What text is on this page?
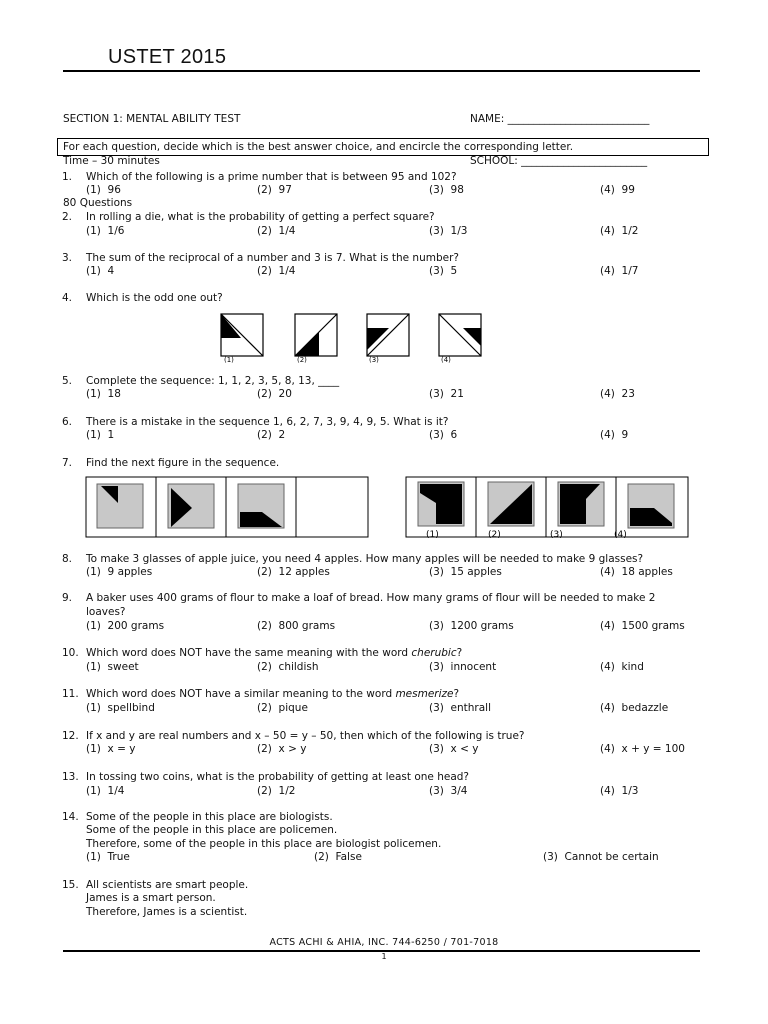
USTET 2015

SECTION 1: MENTAL ABILITY TEST

Time – 30 minutes

80 Questions

NAME: ___________________________

SCHOOL: ________________________

For each question, decide which is the best answer choice, and encircle the corresponding letter.
1. Which of the following is a prime number that is between 95 and 102?
(1)  96	(2)  97	(3)  98	(4)  99
2. In rolling a die, what is the probability of getting a perfect square?
(1)  1/6	(2)  1/4	(3)  1/3	(4)  1/2
3. The sum of the reciprocal of a number and 3 is 7. What is the number?
(1)  4	(2)  1/4	(3)  5	(4)  1/7
4. Which is the odd one out?
(1)	(2)	(3)	(4)
5. Complete the sequence: 1, 1, 2, 3, 5, 8, 13, ____
(1)  18	(2)  20	(3)  21	(4)  23
6. There is a mistake in the sequence 1, 6, 2, 7, 3, 9, 4, 9, 5. What is it?
(1)  1	(2)  2	(3)  6	(4)  9
7. Find the next figure in the sequence.
(1)	(2)	(3)	(4)
8. To make 3 glasses of apple juice, you need 4 apples. How many apples will be needed to make 9 glasses?
(1)  9 apples	(2)  12 apples	(3)  15 apples	(4)  18 apples
9. A baker uses 400 grams of flour to make a loaf of bread. How many grams of flour will be needed to make 2
loaves?
(1)  200 grams	(2)  800 grams	(3)  1200 grams	(4)  1500 grams
10. Which word does NOT have the same meaning with the word cherubic?
(1)  sweet	(2)  childish	(3)  innocent	(4)  kind
11. Which word does NOT have a similar meaning to the word mesmerize?
(1)  spellbind	(2)  pique	(3)  enthrall	(4)  bedazzle
12. If x and y are real numbers and x – 50 = y – 50, then which of the following is true?
(1)  x = y	(2)  x > y	(3)  x < y	(4)  x + y = 100
13. In tossing two coins, what is the probability of getting at least one head?
(1)  1/4	(2)  1/2	(3)  3/4	(4)  1/3
14. Some of the people in this place are biologists.
Some of the people in this place are policemen.
Therefore, some of the people in this place are biologist policemen.
(1)  True	(2)  False	(3)  Cannot be certain
15. All scientists are smart people.
James is a smart person.
Therefore, James is a scientist.
ACTS ACHI & AHIA, INC. 744-6250 / 701-7018
1
